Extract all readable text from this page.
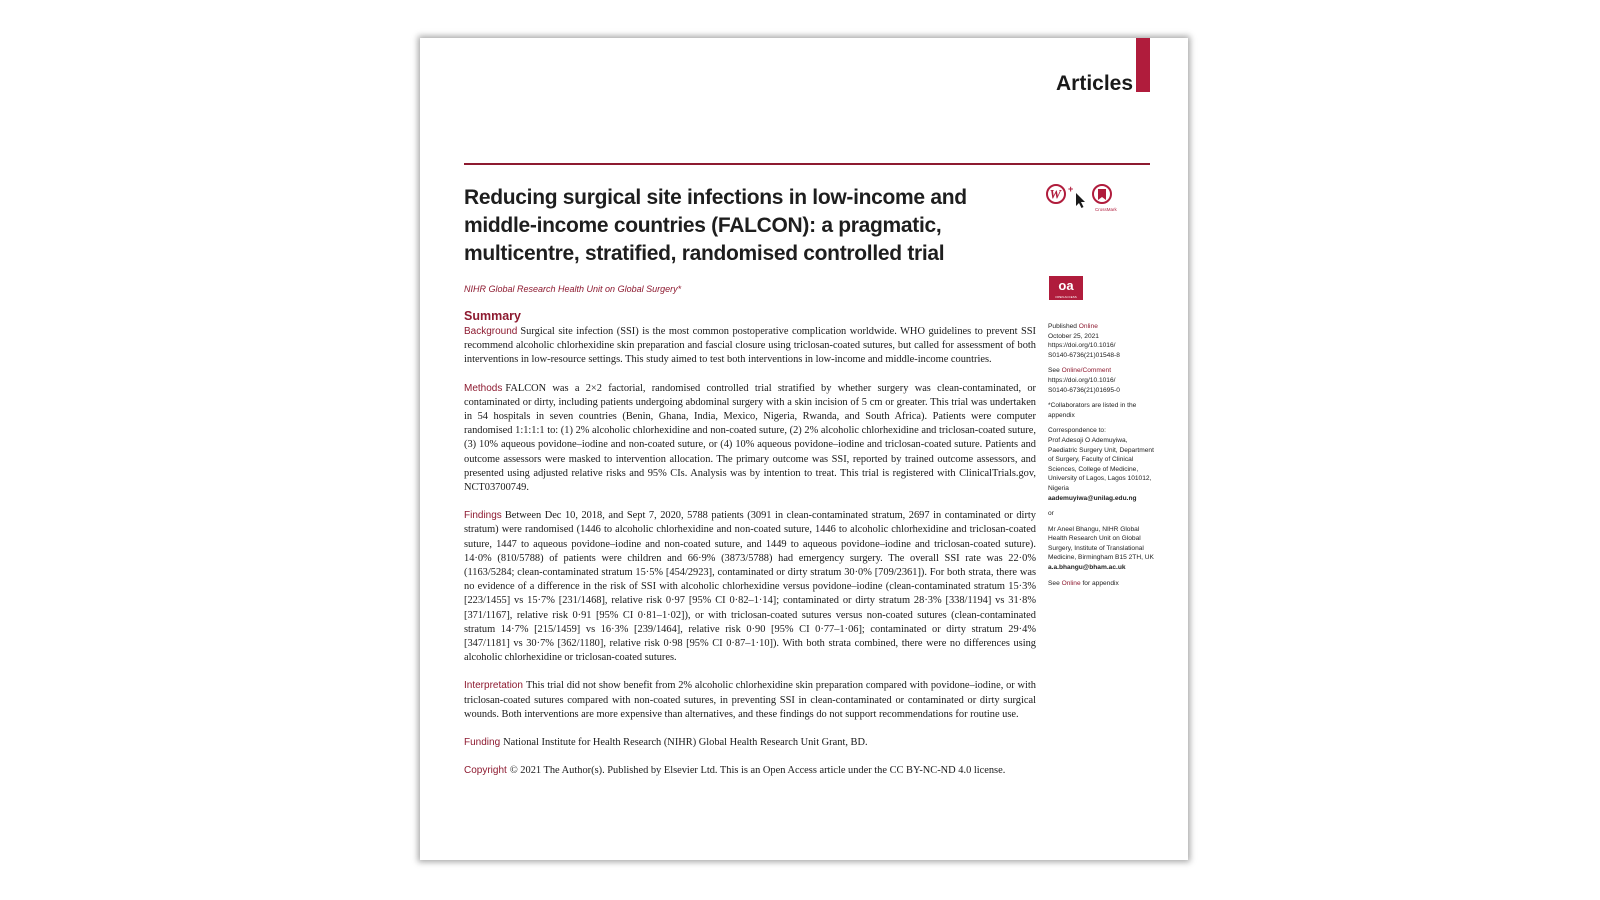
Articles
Reducing surgical site infections in low-income and middle-income countries (FALCON): a pragmatic, multicentre, stratified, randomised controlled trial
NIHR Global Research Health Unit on Global Surgery*
W +
CrossMark
oa
OPEN ACCESS
Summary

Background Surgical site infection (SSI) is the most common postoperative complication worldwide. WHO guidelines to prevent SSI recommend alcoholic chlorhexidine skin preparation and fascial closure using triclosan-coated sutures, but called for assessment of both interventions in low-resource settings. This study aimed to test both interventions in low-income and middle-income countries.

Methods FALCON was a 2×2 factorial, randomised controlled trial stratified by whether surgery was clean-contaminated, or contaminated or dirty, including patients undergoing abdominal surgery with a skin incision of 5 cm or greater. This trial was undertaken in 54 hospitals in seven countries (Benin, Ghana, India, Mexico, Nigeria, Rwanda, and South Africa). Patients were computer randomised 1:1:1:1 to: (1) 2% alcoholic chlorhexidine and non-coated suture, (2) 2% alcoholic chlorhexidine and triclosan-coated suture, (3) 10% aqueous povidone–iodine and non-coated suture, or (4) 10% aqueous povidone–iodine and triclosan-coated suture. Patients and outcome assessors were masked to intervention allocation. The primary outcome was SSI, reported by trained outcome assessors, and presented using adjusted relative risks and 95% CIs. Analysis was by intention to treat. This trial is registered with ClinicalTrials.gov, NCT03700749.

Findings Between Dec 10, 2018, and Sept 7, 2020, 5788 patients (3091 in clean-contaminated stratum, 2697 in contaminated or dirty stratum) were randomised (1446 to alcoholic chlorhexidine and non-coated suture, 1446 to alcoholic chlorhexidine and triclosan-coated suture, 1447 to aqueous povidone–iodine and non-coated suture, and 1449 to aqueous povidone–iodine and triclosan-coated suture). 14·0% (810/5788) of patients were children and 66·9% (3873/5788) had emergency surgery. The overall SSI rate was 22·0% (1163/5284; clean-contaminated stratum 15·5% [454/2923], contaminated or dirty stratum 30·0% [709/2361]). For both strata, there was no evidence of a difference in the risk of SSI with alcoholic chlorhexidine versus povidone–iodine (clean-contaminated stratum 15·3% [223/1455] vs 15·7% [231/1468], relative risk 0·97 [95% CI 0·82–1·14]; contaminated or dirty stratum 28·3% [338/1194] vs 31·8% [371/1167], relative risk 0·91 [95% CI 0·81–1·02]), or with triclosan-coated sutures versus non-coated sutures (clean-contaminated stratum 14·7% [215/1459] vs 16·3% [239/1464], relative risk 0·90 [95% CI 0·77–1·06]; contaminated or dirty stratum 29·4% [347/1181] vs 30·7% [362/1180], relative risk 0·98 [95% CI 0·87–1·10]). With both strata combined, there were no differences using alcoholic chlorhexidine or triclosan-coated sutures.

Interpretation This trial did not show benefit from 2% alcoholic chlorhexidine skin preparation compared with povidone–iodine, or with triclosan-coated sutures compared with non-coated sutures, in preventing SSI in clean-contaminated or contaminated or dirty surgical wounds. Both interventions are more expensive than alternatives, and these findings do not support recommendations for routine use.

Funding National Institute for Health Research (NIHR) Global Health Research Unit Grant, BD.

Copyright © 2021 The Author(s). Published by Elsevier Ltd. This is an Open Access article under the CC BY-NC-ND 4.0 license.

Published Online
October 25, 2021
https://doi.org/10.1016/
S0140-6736(21)01548-8
See Online/Comment
https://doi.org/10.1016/
S0140-6736(21)01695-0
*Collaborators are listed in the appendix
Correspondence to:
Prof Adesoji O Ademuyiwa, Paediatric Surgery Unit, Department of Surgery, Faculty of Clinical Sciences, College of Medicine, University of Lagos, Lagos 101012, Nigeria
aademuyiwa@unilag.edu.ng
or
Mr Aneel Bhangu, NIHR Global Health Research Unit on Global Surgery, Institute of Translational Medicine, Birmingham B15 2TH, UK
a.a.bhangu@bham.ac.uk
See Online for appendix
